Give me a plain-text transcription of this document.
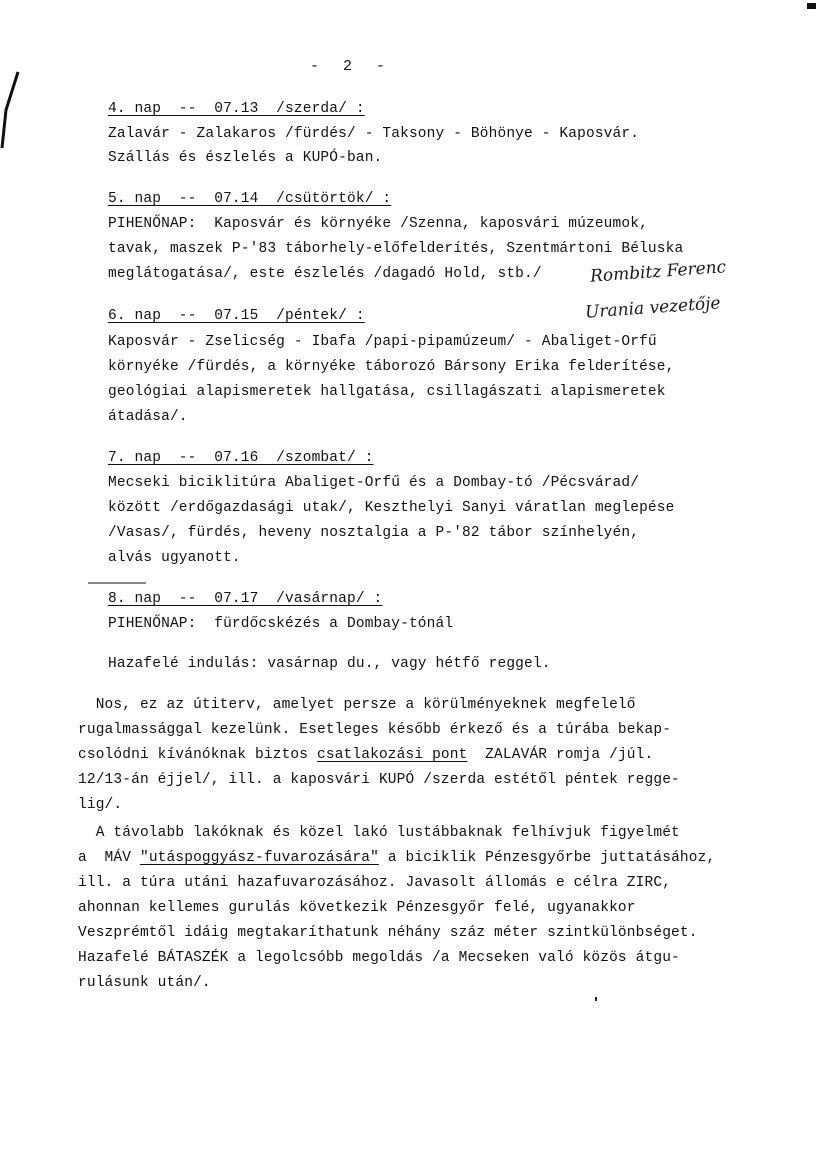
-  2  -
4. nap  --  07.13  /szerda/ :
Zalavár - Zalakaros /fürdés/ - Taksony - Böhönye - Kaposvár.
Szállás és észlelés a KUPÓ-ban.
5. nap  --  07.14  /csütörtök/ :
PIHENŐNAP:  Kaposvár és környéke /Szenna, kaposvári múzeumok,
tavak, maszek P-'83 táborhely-előfelderítés, Szentmártoni Béluska
meglátogatása/, este észlelés /dagadó Hold, stb./	Rombitz Ferenc
Urania vezetője
6. nap  --  07.15  /péntek/ :
Kaposvár - Zselicség - Ibafa /papi-pipamúzeum/ - Abaliget-Orfű
környéke /fürdés, a környéke táborozó Bársony Erika felderítése,
geológiai alapismeretek hallgatása, csillagászati alapismeretek
átadása/.
7. nap  --  07.16  /szombat/ :
Mecseki biciklitúra Abaliget-Orfű és a Dombay-tó /Pécsvárad/
között /erdőgazdasági utak/, Keszthelyi Sanyi váratlan meglepése
/Vasas/, fürdés, heveny nosztalgia a P-'82 tábor színhelyén,
alvás ugyanott.
8. nap  --  07.17  /vasárnap/ :
PIHENŐNAP:  fürdőcskézés a Dombay-tónál
Hazafelé indulás: vasárnap du., vagy hétfő reggel.
Nos, ez az útiterv, amelyet persze a körülményeknek megfelelő
rugalmassággal kezelünk. Esetleges később érkező és a túrába bekap-
csolódni kívánóknak biztos csatlakozási pont  ZALAVÁR romja /júl.
12/13-án éjjel/, ill. a kaposvári KUPÓ /szerda estétől péntek regge-
lig/.
A távolabb lakóknak és közel lakó lustábbaknak felhívjuk figyelmét
a  MÁV "utáspoggyász-fuvarozására" a biciklik Pénzesgyőrbe juttatásához,
ill. a túra utáni hazafuvarozásához. Javasolt állomás e célra ZIRC,
ahonnan kellemes gurulás következik Pénzesgyőr felé, ugyanakkor
Veszprémtől idáig megtakaríthatunk néhány száz méter szintkülönbséget.
Hazafelé BÁTASZÉK a legolcsóbb megoldás /a Mecseken való közös átgu-
rulásunk után/.
